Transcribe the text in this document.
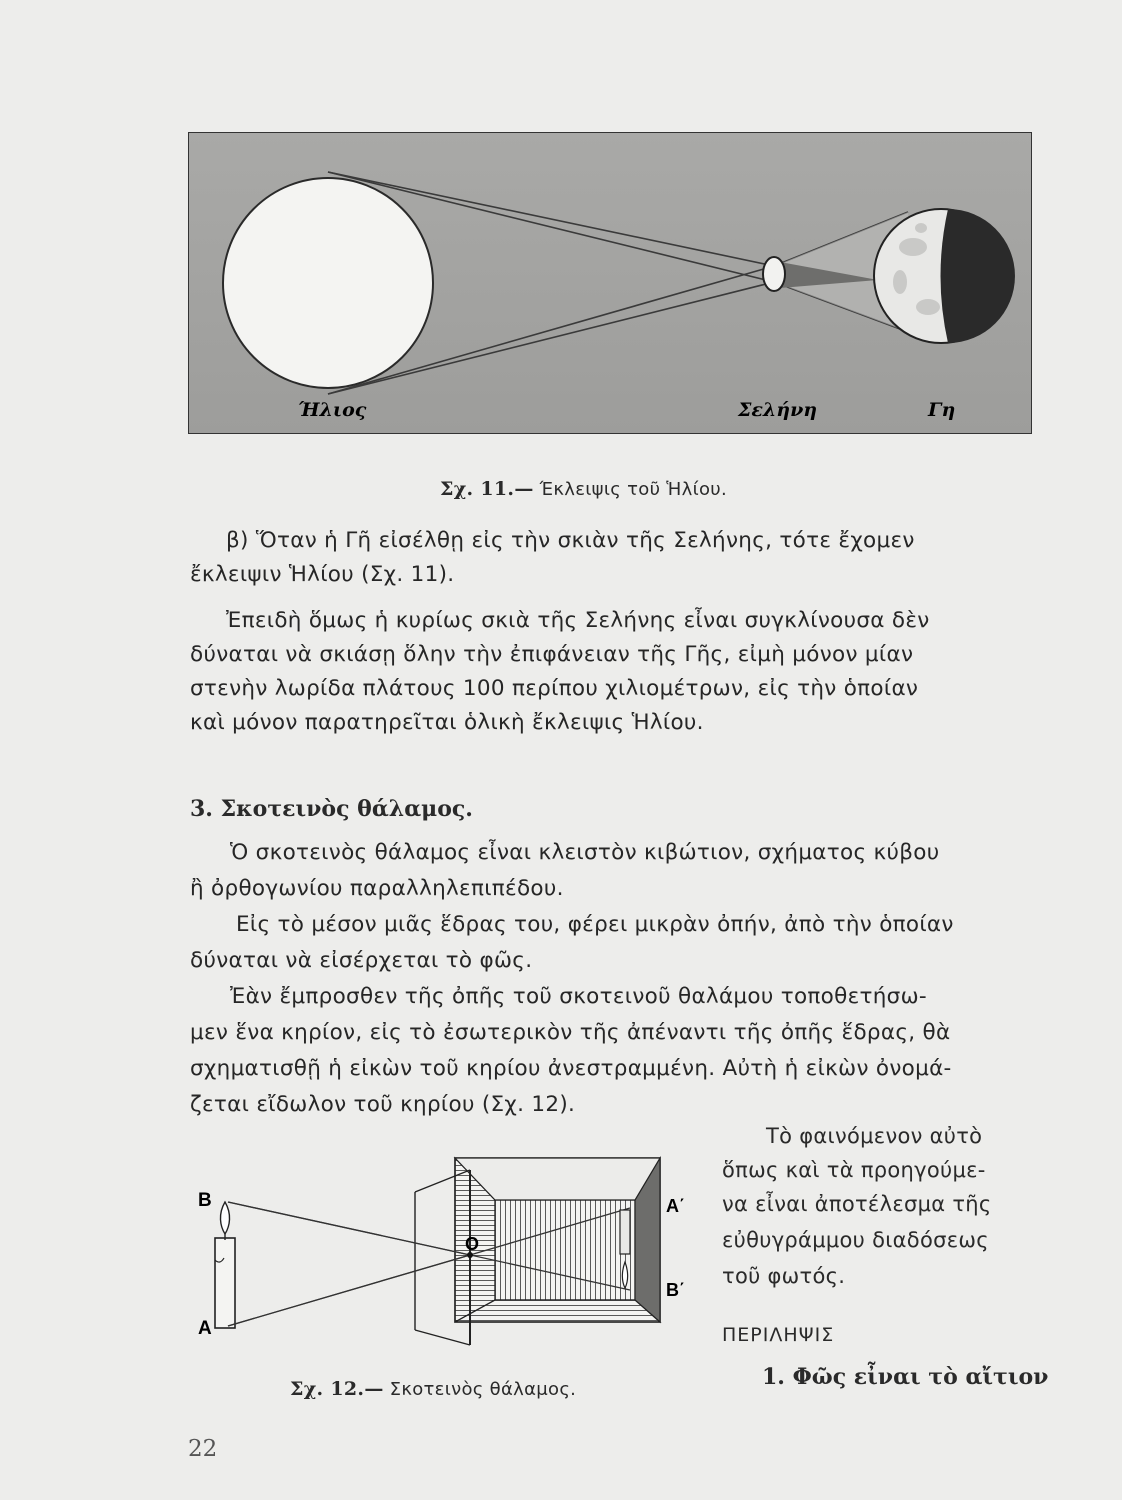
Ήλιος	Σελήνη	Γη
Σχ. 11.— Έκλειψις τοῦ Ἡλίου.
β) Ὅταν ἡ Γῆ εἰσέλθῃ εἰς τὴν σκιὰν τῆς Σελήνης, τότε ἔχομεν
ἔκλειψιν Ἡλίου (Σχ. 11).
Ἐπειδὴ ὅμως ἡ κυρίως σκιὰ τῆς Σελήνης εἶναι συγκλίνουσα δὲν
δύναται νὰ σκιάσῃ ὅλην τὴν ἐπιφάνειαν τῆς Γῆς, εἰμὴ μόνον μίαν
στενὴν λωρίδα πλάτους 100 περίπου χιλιομέτρων, εἰς τὴν ὁποίαν
καὶ μόνον παρατηρεῖται ὁλικὴ ἔκλειψις Ἡλίου.
3. Σκοτεινὸς θάλαμος.
Ὁ σκοτεινὸς θάλαμος εἶναι κλειστὸν κιβώτιον, σχήματος κύβου
ἢ ὀρθογωνίου παραλληλεπιπέδου.
Εἰς τὸ μέσον μιᾶς ἕδρας του, φέρει μικρὰν ὀπήν, ἀπὸ τὴν ὁποίαν
δύναται νὰ εἰσέρχεται τὸ φῶς.
Ἐὰν ἔμπροσθεν τῆς ὀπῆς τοῦ σκοτεινοῦ θαλάμου τοποθετήσω-
μεν ἕνα κηρίον, εἰς τὸ ἐσωτερικὸν τῆς ἀπέναντι τῆς ὀπῆς ἕδρας, θὰ
σχηματισθῇ ἡ εἰκὼν τοῦ κηρίου ἀνεστραμμένη. Αὐτὴ ἡ εἰκὼν ὀνομά-
ζεται εἴδωλον τοῦ κηρίου (Σχ. 12).
Τὸ φαινόμενον αὐτὸ
ὅπως καὶ τὰ προηγούμε-
να εἶναι ἀποτέλεσμα τῆς
εὐθυγράμμου διαδόσεως
τοῦ φωτός.
ΠΕΡΙΛΗΨΙΣ
1. Φῶς εἶναι τὸ αἴτιον
Β
Α
O
Α΄
Β΄
Σχ. 12.— Σκοτεινὸς θάλαμος.
22
